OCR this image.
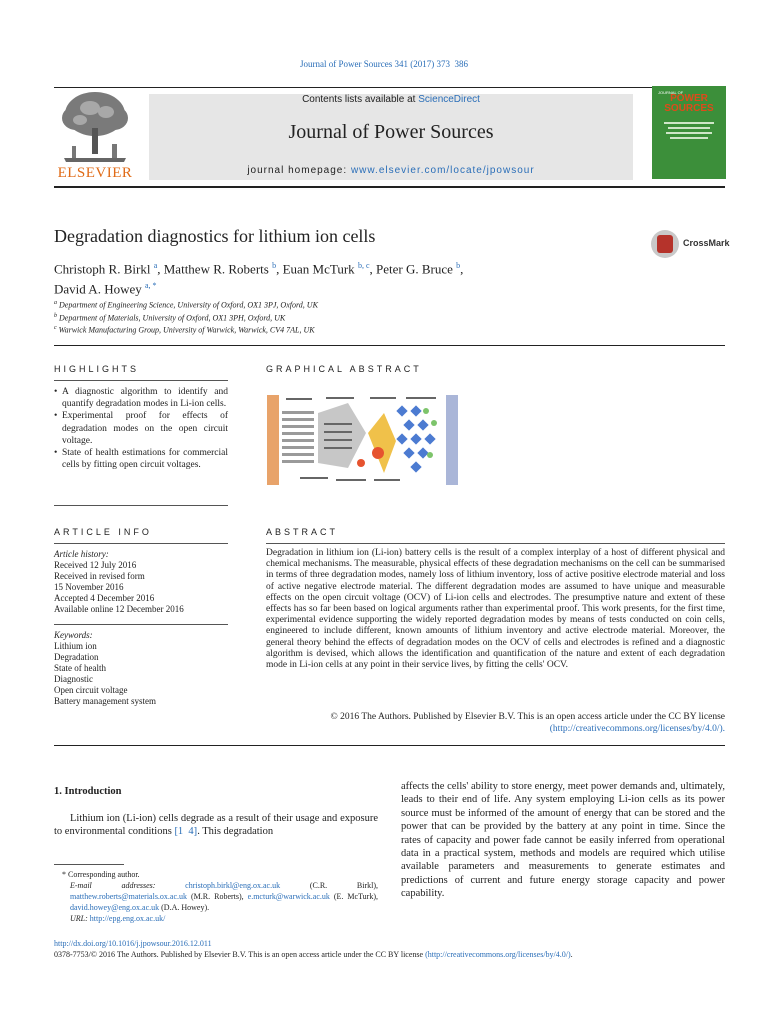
Journal of Power Sources 341 (2017) 373 386
ELSEVIER
Contents lists available at ScienceDirect
Journal of Power Sources
journal homepage: www.elsevier.com/locate/jpowsour
JOURNAL OF
POWER
SOURCES
Degradation diagnostics for lithium ion cells	CrossMark
Christoph R. Birkl $^a$, Matthew R. Roberts $^b$, Euan McTurk $^{b, c}$, Peter G. Bruce $^b$,
David A. Howey $^{a, *}$
$^a$ Department of Engineering Science, University of Oxford, OX1 3PJ, Oxford, UK
$^b$ Department of Materials, University of Oxford, OX1 3PH, Oxford, UK
$^c$ Warwick Manufacturing Group, University of Warwick, Warwick, CV4 7AL, UK
HIGHLIGHTS
• A diagnostic algorithm to identify and quantify degradation modes in Li-ion cells.
• Experimental proof for effects of degradation modes on the open circuit voltage.
• State of health estimations for commercial cells by fitting open circuit voltages.
GRAPHICAL ABSTRACT
ARTICLE INFO
Article history:
Received 12 July 2016
Received in revised form
15 November 2016
Accepted 4 December 2016
Available online 12 December 2016
Keywords:
Lithium ion
Degradation
State of health
Diagnostic
Open circuit voltage
Battery management system
ABSTRACT
Degradation in lithium ion (Li-ion) battery cells is the result of a complex interplay of a host of different physical and chemical mechanisms. The measurable, physical effects of these degradation mechanisms on the cell can be summarised in terms of three degradation modes, namely loss of lithium inventory, loss of active positive electrode material and loss of active negative electrode material. The different degradation modes are assumed to have unique and measurable effects on the open circuit voltage (OCV) of Li-ion cells and electrodes. The presumptive nature and extent of these effects has so far been based on logical arguments rather than experimental proof. This work presents, for the first time, experimental evidence supporting the widely reported degradation modes by means of tests conducted on coin cells, engineered to include different, known amounts of lithium inventory and active electrode material. Moreover, the general theory behind the effects of degradation modes on the OCV of cells and electrodes is refined and a diagnostic algorithm is devised, which allows the identification and quantification of the nature and extent of each degradation mode in Li-ion cells at any point in their service lives, by fitting the cells' OCV.
© 2016 The Authors. Published by Elsevier B.V. This is an open access article under the CC BY license
(http://creativecommons.org/licenses/by/4.0/).
1. Introduction
Lithium ion (Li-ion) cells degrade as a result of their usage and exposure to environmental conditions [1 4]. This degradation
affects the cells' ability to store energy, meet power demands and, ultimately, leads to their end of life. Any system employing Li-ion cells as its power source must be informed of the amount of energy that can be stored and the power that can be provided by the battery at any point in time. Since the rates of capacity and power fade cannot be easily inferred from operational data in a practical system, methods and models are required which utilise available parameters and measurements to generate estimates and predictions of current and future energy storage capacity and power capability.
* Corresponding author.
E-mail addresses:	christoph.birkl@eng.ox.ac.uk	(C.R. Birkl), matthew.roberts@materials.ox.ac.uk (M.R. Roberts), e.mcturk@warwick.ac.uk (E. McTurk), david.howey@eng.ox.ac.uk (D.A. Howey).
URL: http://epg.eng.ox.ac.uk/
http://dx.doi.org/10.1016/j.jpowsour.2016.12.011
0378-7753/© 2016 The Authors. Published by Elsevier B.V. This is an open access article under the CC BY license (http://creativecommons.org/licenses/by/4.0/).
